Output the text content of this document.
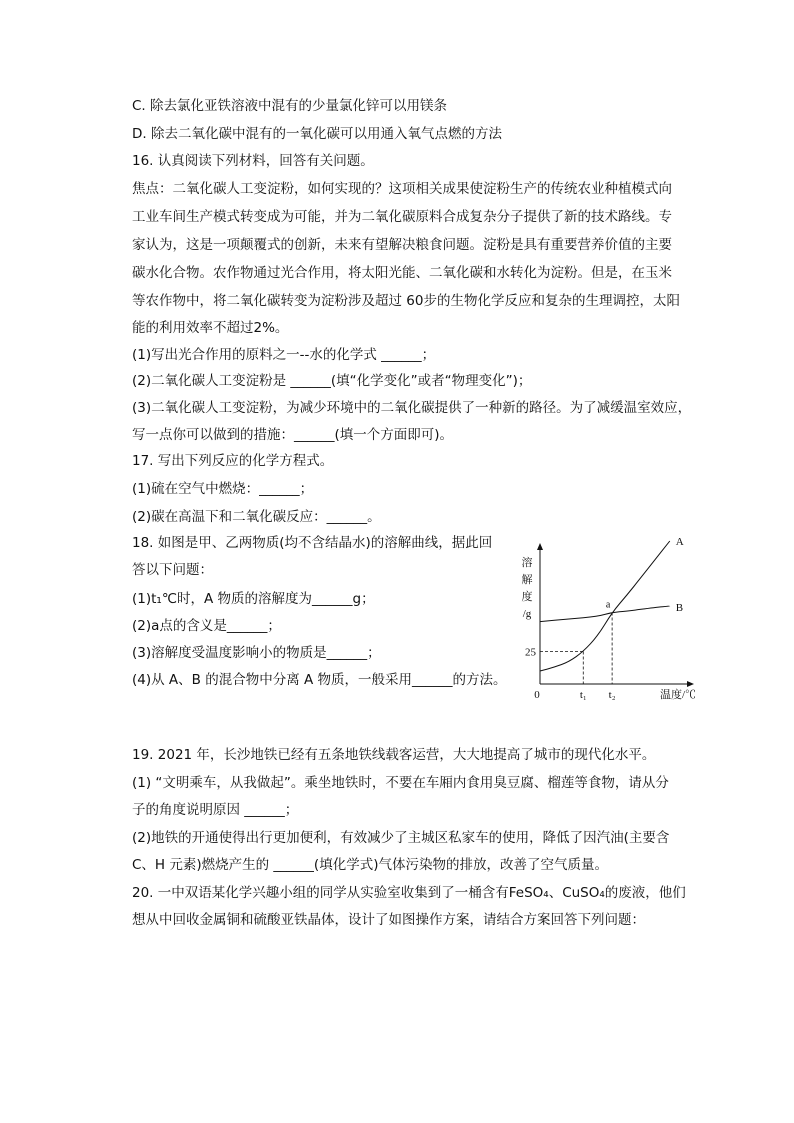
C. 除去氯化亚铁溶液中混有的少量氯化锌可以用镁条
D. 除去二氧化碳中混有的一氧化碳可以用通入氧气点燃的方法
16. 认真阅读下列材料，回答有关问题。
焦点：二氧化碳人工变淀粉，如何实现的？这项相关成果使淀粉生产的传统农业种植模式向
工业车间生产模式转变成为可能，并为二氧化碳原料合成复杂分子提供了新的技术路线。专
家认为，这是一项颠覆式的创新，未来有望解决粮食问题。淀粉是具有重要营养价值的主要
碳水化合物。农作物通过光合作用，将太阳光能、二氧化碳和水转化为淀粉。但是，在玉米
等农作物中，将二氧化碳转变为淀粉涉及超过 60步的生物化学反应和复杂的生理调控，太阳
能的利用效率不超过2%。
(1)写出光合作用的原料之一--水的化学式 ______；
(2)二氧化碳人工变淀粉是 ______(填“化学变化”或者“物理变化”)；
(3)二氧化碳人工变淀粉，为减少环境中的二氧化碳提供了一种新的路径。为了减缓温室效应，
写一点你可以做到的措施：______(填一个方面即可)。
17. 写出下列反应的化学方程式。
(1)硫在空气中燃烧：______；
(2)碳在高温下和二氧化碳反应：______。
18. 如图是甲、乙两物质(均不含结晶水)的溶解曲线，据此回
答以下问题：
(1)t₁℃时，A 物质的溶解度为______g；
(2)a点的含义是______；
(3)溶解度受温度影响小的物质是______；
(4)从 A、B 的混合物中分离 A 物质，一般采用______的方法。
19. 2021 年，长沙地铁已经有五条地铁线载客运营，大大地提高了城市的现代化水平。
(1) “文明乘车，从我做起”。乘坐地铁时，不要在车厢内食用臭豆腐、榴莲等食物，请从分
子的角度说明原因 ______；
(2)地铁的开通使得出行更加便利，有效减少了主城区私家车的使用，降低了因汽油(主要含
C、H 元素)燃烧产生的 ______(填化学式)气体污染物的排放，改善了空气质量。
20. 一中双语某化学兴趣小组的同学从实验室收集到了一桶含有FeSO₄、CuSO₄的废液，他们
想从中回收金属铜和硫酸亚铁晶体，设计了如图操作方案，请结合方案回答下列问题：
溶
解
度
/g
0	温度/℃
A
B
25
t₁ t₂
a
